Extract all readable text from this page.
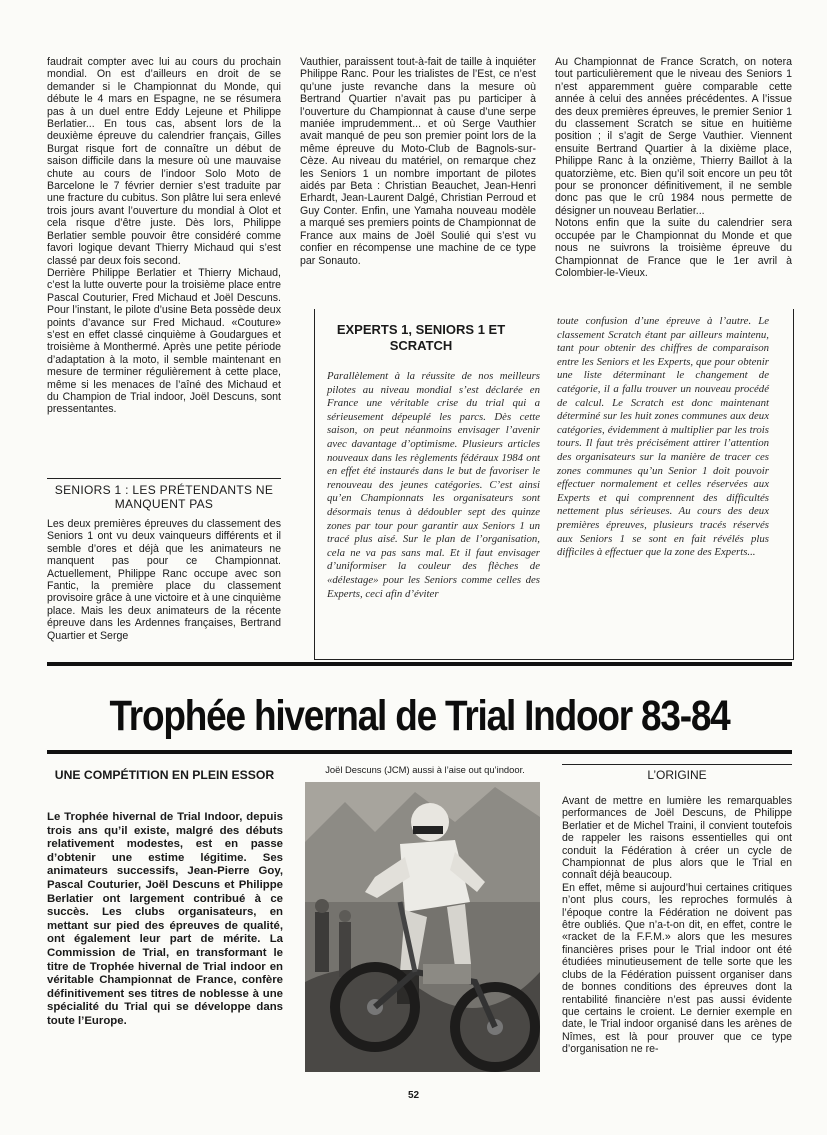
faudrait compter avec lui au cours du prochain mondial. On est d’ailleurs en droit de se demander si le Championnat du Monde, qui débute le 4 mars en Espagne, ne se résumera pas à un duel entre Eddy Lejeune et Philippe Berlatier... En tous cas, absent lors de la deuxième épreuve du calendrier français, Gilles Burgat risque fort de connaître un début de saison difficile dans la mesure où une mauvaise chute au cours de l’indoor Solo Moto de Barcelone le 7 février dernier s’est traduite par une fracture du cubitus. Son plâtre lui sera enlevé trois jours avant l’ouverture du mondial à Olot et cela risque d’être juste. Dès lors, Philippe Berlatier semble pouvoir être considéré comme favori logique devant Thierry Michaud qui s’est classé par deux fois second.

Derrière Philippe Berlatier et Thierry Michaud, c’est la lutte ouverte pour la troisième place entre Pascal Couturier, Fred Michaud et Joël Descuns. Pour l’instant, le pilote d’usine Beta possède deux points d’avance sur Fred Michaud. «Couture» s’est en effet classé cinquième à Goudargues et troisième à Monthermé. Après une petite période d’adaptation à la moto, il semble maintenant en mesure de terminer régulièrement à cette place, même si les menaces de l’aîné des Michaud et du Champion de Trial indoor, Joël Descuns, sont pressentantes.

SENIORS 1 : LES PRÉTENDANTS NE MANQUENT PAS

Les deux premières épreuves du classement des Seniors 1 ont vu deux vainqueurs différents et il semble d’ores et déjà que les animateurs ne manquent pas pour ce Championnat. Actuellement, Philippe Ranc occupe avec son Fantic, la première place du classement provisoire grâce à une victoire et à une cinquième place. Mais les deux animateurs de la récente épreuve dans les Ardennes françaises, Bertrand Quartier et Serge

Vauthier, paraissent tout-à-fait de taille à inquiéter Philippe Ranc. Pour les trialistes de l’Est, ce n’est qu’une juste revanche dans la mesure où Bertrand Quartier n’avait pas pu participer à l’ouverture du Championnat à cause d’une serpe maniée imprudemment... et où Serge Vauthier avait manqué de peu son premier point lors de la même épreuve du Moto-Club de Bagnols-sur-Cèze. Au niveau du matériel, on remarque chez les Seniors 1 un nombre important de pilotes aidés par Beta : Christian Beauchet, Jean-Henri Erhardt, Jean-Laurent Dalgé, Christian Perroud et Guy Conter. Enfin, une Yamaha nouveau modèle a marqué ses premiers points de Championnat de France aux mains de Joël Soulié qui s’est vu confier en récompense une machine de ce type par Sonauto.

Au Championnat de France Scratch, on notera tout particulièrement que le niveau des Seniors 1 n’est apparemment guère comparable cette année à celui des années précédentes. A l’issue des deux premières épreuves, le premier Senior 1 du classement Scratch se situe en huitième position ; il s’agit de Serge Vauthier. Viennent ensuite Bertrand Quartier à la dixième place, Philippe Ranc à la onzième, Thierry Baillot à la quatorzième, etc. Bien qu’il soit encore un peu tôt pour se prononcer définitivement, il ne semble donc pas que le crû 1984 nous permette de désigner un nouveau Berlatier...

Notons enfin que la suite du calendrier sera occupée par le Championnat du Monde et que nous ne suivrons la troisième épreuve du Championnat de France que le 1er avril à Colombier-le-Vieux.

EXPERTS 1, SENIORS 1 ET SCRATCH
Parallèlement à la réussite de nos meilleurs pilotes au niveau mondial s’est déclarée en France une véritable crise du trial qui a sérieusement dépeuplé les parcs. Dès cette saison, on peut néanmoins envisager l’avenir avec davantage d’optimisme. Plusieurs articles nouveaux dans les règlements fédéraux 1984 ont en effet été instaurés dans le but de favoriser le renouveau des jeunes catégories. C’est ainsi qu’en Championnats les organisateurs sont désormais tenus à dédoubler sept des quinze zones par tour pour garantir aux Seniors 1 un tracé plus aisé. Sur le plan de l’organisation, cela ne va pas sans mal. Et il faut envisager d’uniformiser la couleur des flèches de «délestage» pour les Seniors comme celles des Experts, ceci afin d’éviter
toute confusion d’une épreuve à l’autre. Le classement Scratch étant par ailleurs maintenu, tant pour obtenir des chiffres de comparaison entre les Seniors et les Experts, que pour obtenir une liste déterminant le changement de catégorie, il a fallu trouver un nouveau procédé de calcul. Le Scratch est donc maintenant déterminé sur les huit zones communes aux deux catégories, évidemment à multiplier par les trois tours. Il faut très précisément attirer l’attention des organisateurs sur la manière de tracer ces zones communes qu’un Senior 1 doit pouvoir effectuer normalement et celles réservées aux Experts et qui comprennent des difficultés nettement plus sérieuses. Au cours des deux premières épreuves, plusieurs tracés réservés aux Seniors 1 se sont en fait révélés plus difficiles à effectuer que la zone des Experts...
Trophée hivernal de Trial Indoor 83-84
UNE COMPÉTITION EN PLEIN ESSOR
Le Trophée hivernal de Trial Indoor, depuis trois ans qu’il existe, malgré des débuts relativement modestes, est en passe d’obtenir une estime légitime. Ses animateurs successifs, Jean-Pierre Goy, Pascal Couturier, Joël Descuns et Philippe Berlatier ont largement contribué à ce succès. Les clubs organisateurs, en mettant sur pied des épreuves de qualité, ont également leur part de mérite. La Commission de Trial, en transformant le titre de Trophée hivernal de Trial indoor en véritable Championnat de France, confère définitivement ses titres de noblesse à une spécialité du Trial qui se développe dans toute l’Europe.
Joël Descuns (JCM) aussi à l’aise out qu’indoor.	L’ORIGINE

Avant de mettre en lumière les remarquables performances de Joël Descuns, de Philippe Berlatier et de Michel Traini, il convient toutefois de rappeler les raisons essentielles qui ont conduit la Fédération à créer un cycle de Championnat de plus alors que le Trial en connaît déjà beaucoup.

En effet, même si aujourd’hui certaines critiques n’ont plus cours, les reproches formulés à l’époque contre la Fédération ne doivent pas être oubliés. Que n’a-t-on dit, en effet, contre le «racket de la F.F.M.» alors que les mesures financières prises pour le Trial indoor ont été étudiées minutieusement de telle sorte que les clubs de la Fédération puissent organiser dans de bonnes conditions des épreuves dont la rentabilité financière n’est pas aussi évidente que certains le croient. Le dernier exemple en date, le Trial indoor organisé dans les arènes de Nîmes, est là pour prouver que ce type d’organisation ne re-

52
